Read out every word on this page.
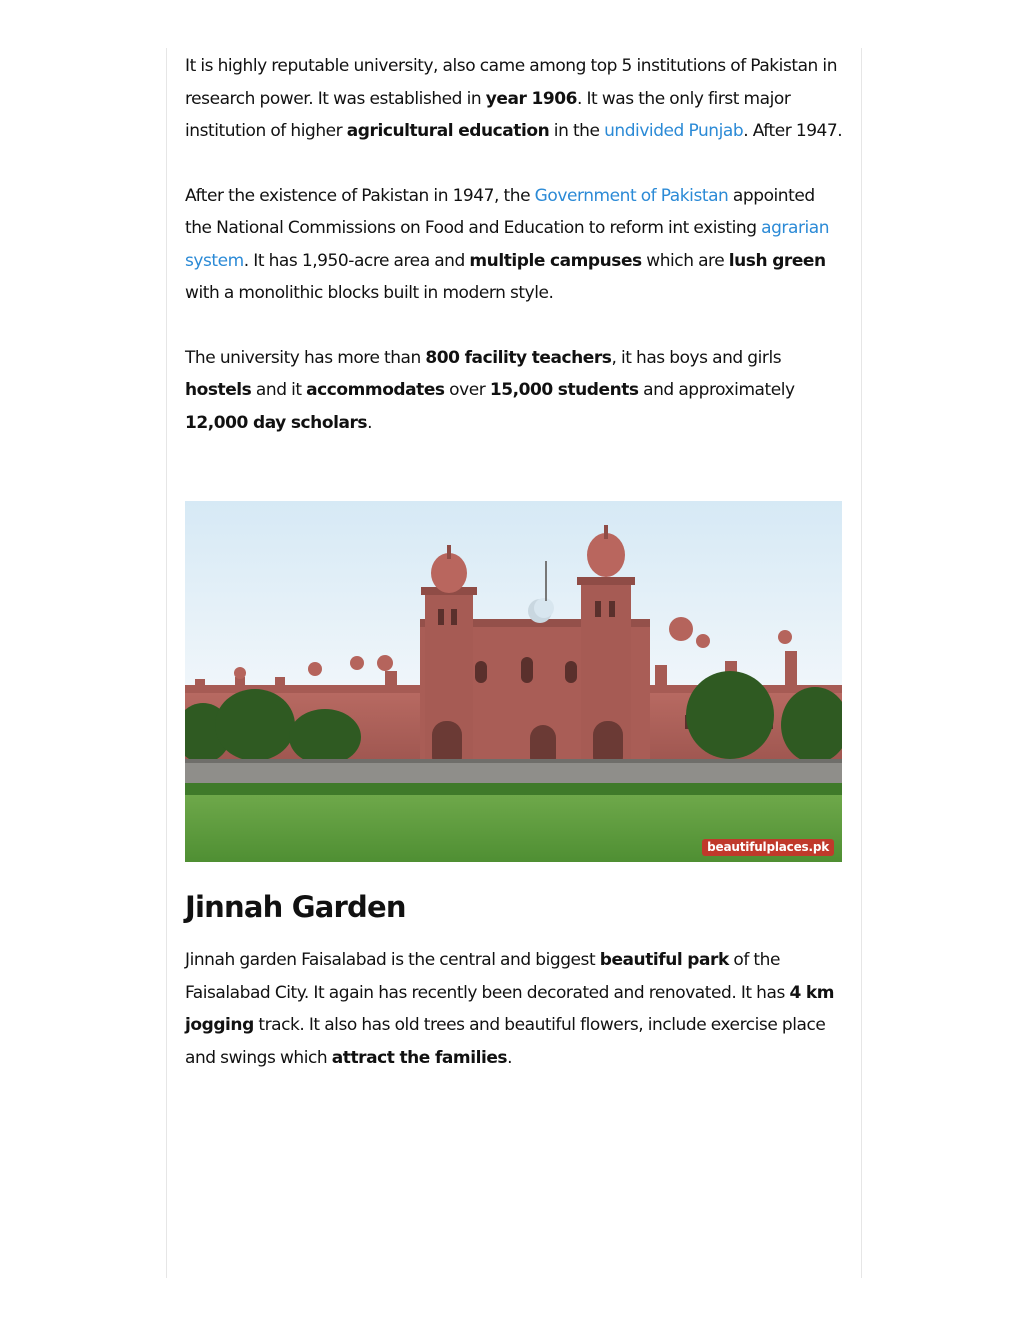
It is highly reputable university, also came among top 5 institutions of Pakistan in research power. It was established in year 1906. It was the only first major institution of higher agricultural education in the undivided Punjab. After 1947.

After the existence of Pakistan in 1947, the Government of Pakistan appointed the National Commissions on Food and Education to reform int existing agrarian system. It has 1,950-acre area and multiple campuses which are lush green with a monolithic blocks built in modern style.

The university has more than 800 facility teachers, it has boys and girls hostels and it accommodates over 15,000 students and approximately 12,000 day scholars.

beautifulplaces.pk
Jinnah Garden

Jinnah garden Faisalabad is the central and biggest beautiful park of the Faisalabad City. It again has recently been decorated and renovated. It has 4 km jogging track. It also has old trees and beautiful flowers, include exercise place and swings which attract the families.
